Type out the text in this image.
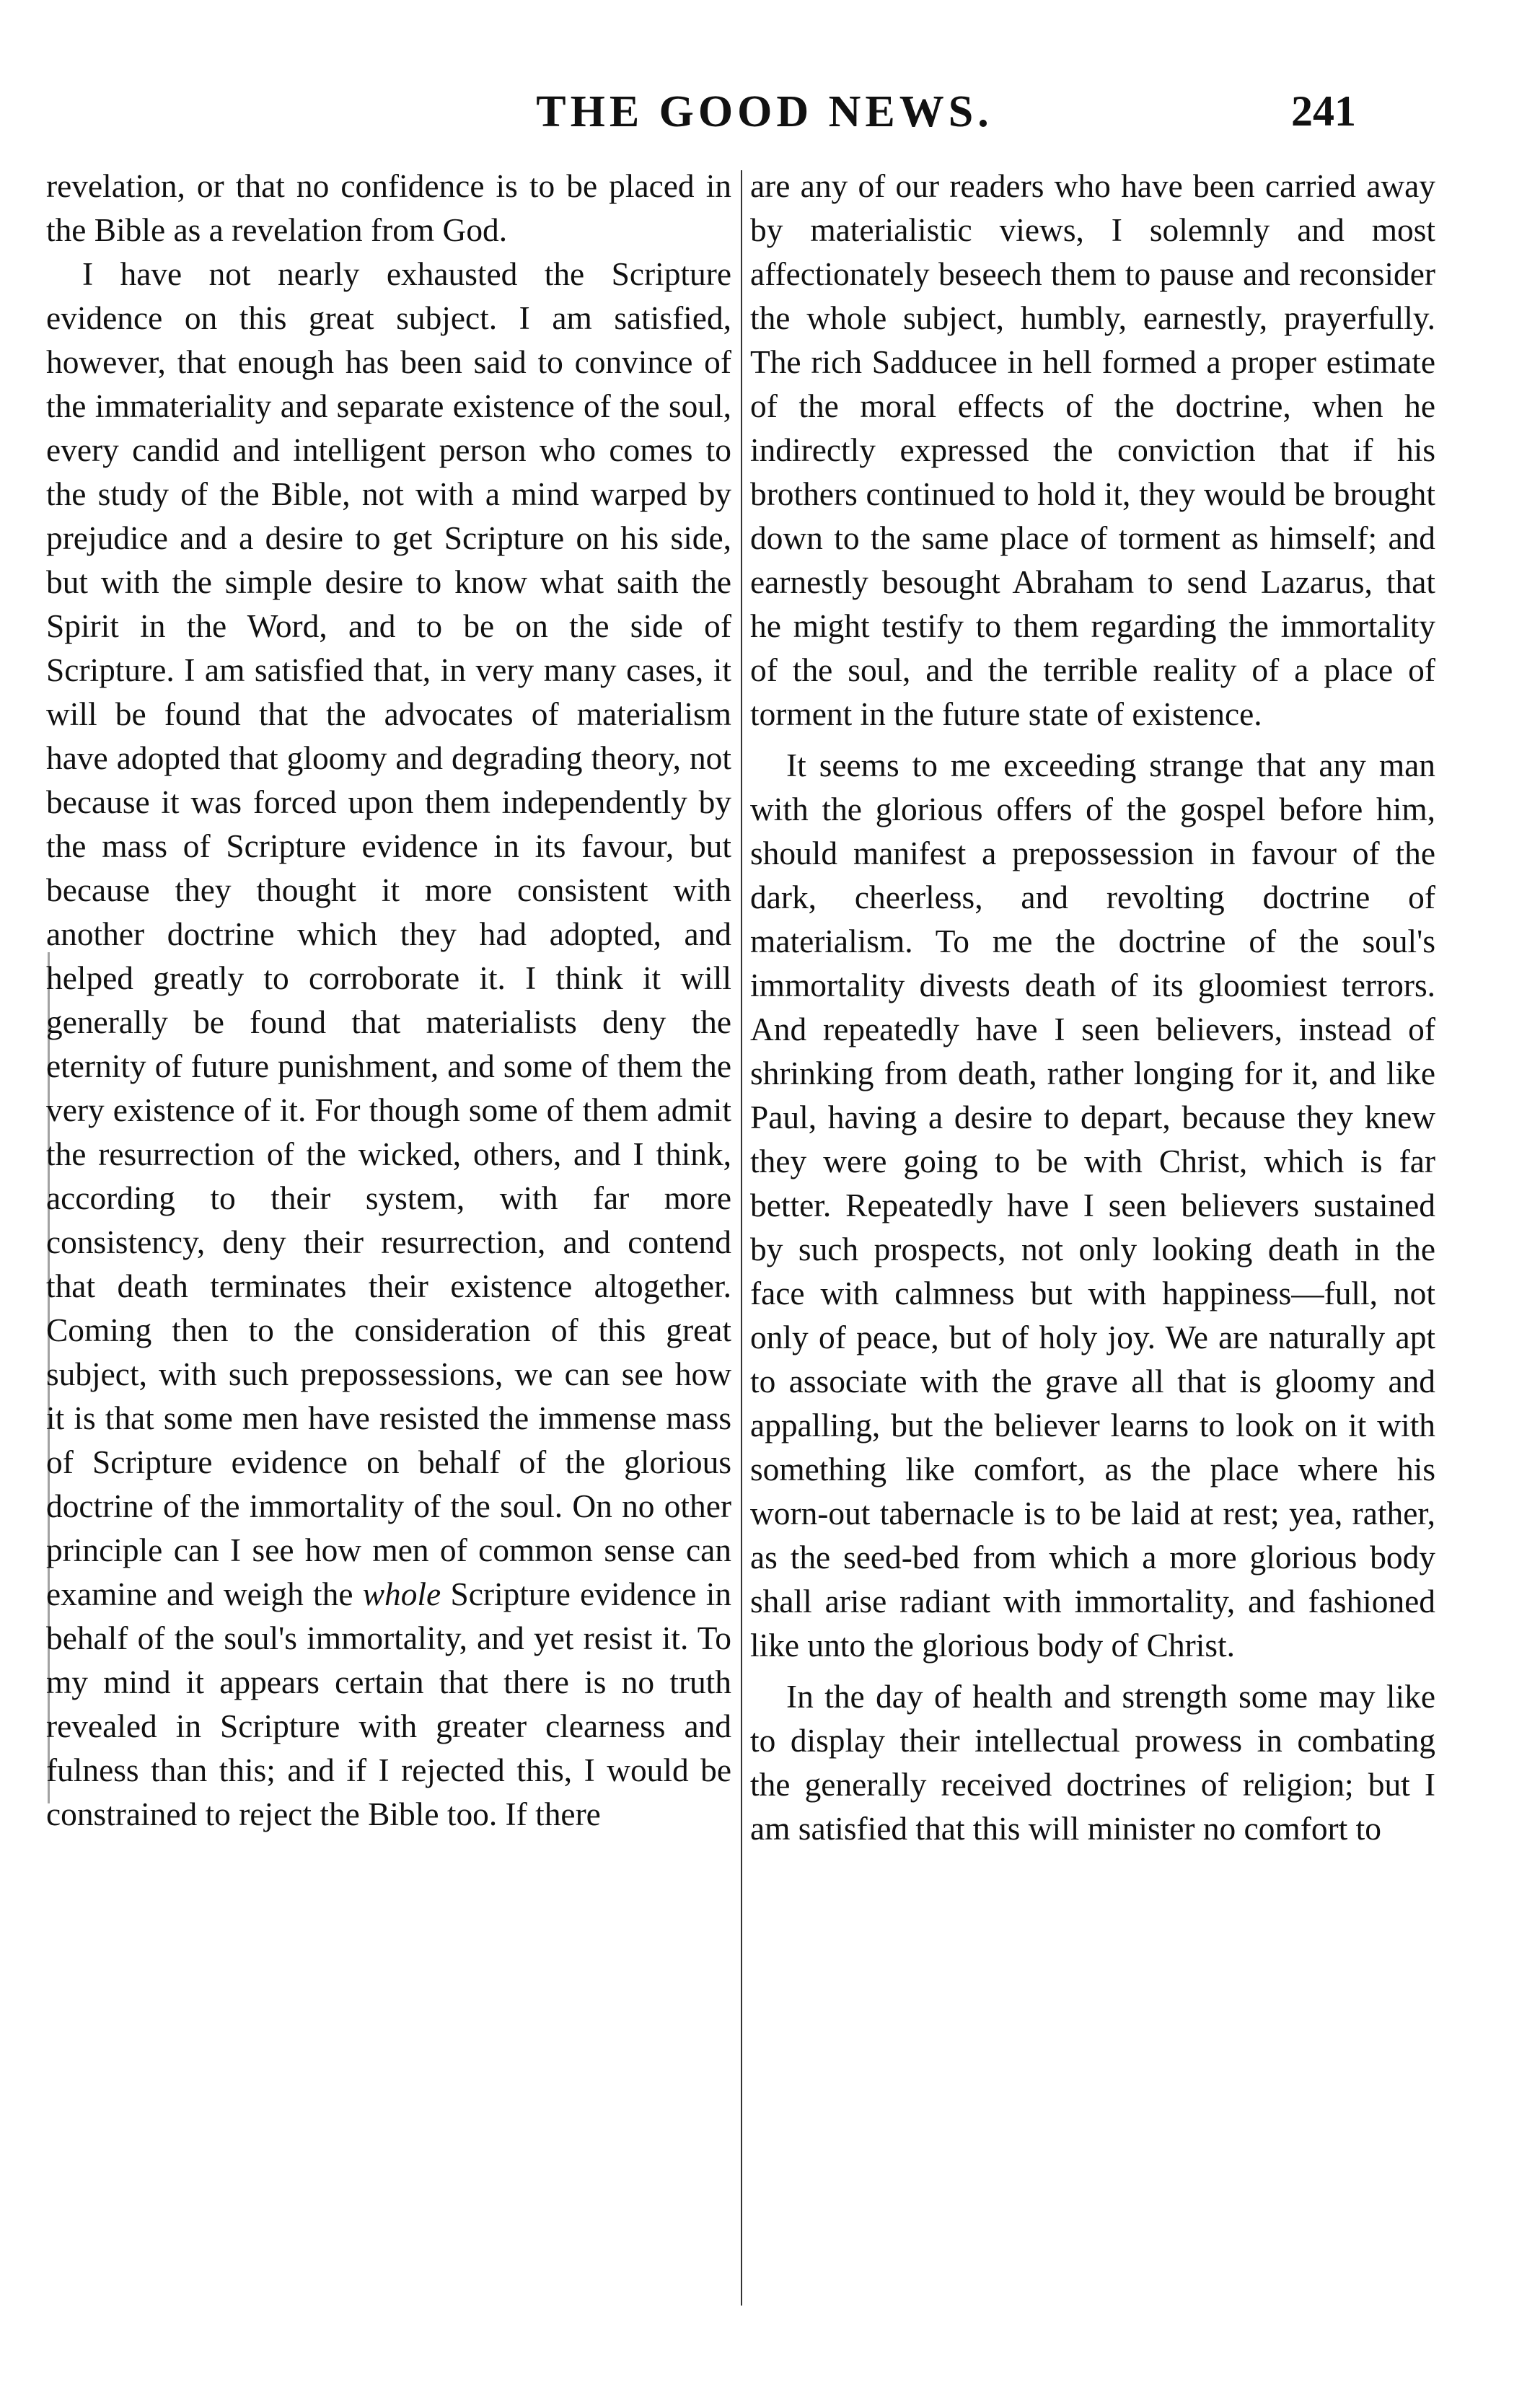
THE GOOD NEWS.	241

revelation, or that no confidence is to be placed in the Bible as a revelation from God.

I have not nearly exhausted the Scripture evidence on this great subject. I am satisfied, however, that enough has been said to convince of the immateriality and separate existence of the soul, every candid and intelligent person who comes to the study of the Bible, not with a mind warped by prejudice and a desire to get Scripture on his side, but with the simple desire to know what saith the Spirit in the Word, and to be on the side of Scripture. I am satisfied that, in very many cases, it will be found that the advocates of materialism have adopted that gloomy and degrading theory, not because it was forced upon them independently by the mass of Scripture evidence in its favour, but because they thought it more consistent with another doctrine which they had adopted, and helped greatly to corroborate it. I think it will generally be found that materialists deny the eternity of future punishment, and some of them the very existence of it. For though some of them admit the resurrection of the wicked, others, and I think, according to their system, with far more consistency, deny their resurrection, and contend that death terminates their existence altogether. Coming then to the consideration of this great subject, with such prepossessions, we can see how it is that some men have resisted the immense mass of Scripture evidence on behalf of the glorious doctrine of the immortality of the soul. On no other principle can I see how men of common sense can examine and weigh the whole Scripture evidence in behalf of the soul's immortality, and yet resist it. To my mind it appears certain that there is no truth revealed in Scripture with greater clearness and fulness than this; and if I rejected this, I would be constrained to reject the Bible too. If there

are any of our readers who have been carried away by materialistic views, I solemnly and most affectionately beseech them to pause and reconsider the whole subject, humbly, earnestly, prayerfully. The rich Sadducee in hell formed a proper estimate of the moral effects of the doctrine, when he indirectly expressed the conviction that if his brothers continued to hold it, they would be brought down to the same place of torment as himself; and earnestly besought Abraham to send Lazarus, that he might testify to them regarding the immortality of the soul, and the terrible reality of a place of torment in the future state of existence.

It seems to me exceeding strange that any man with the glorious offers of the gospel before him, should manifest a prepossession in favour of the dark, cheerless, and revolting doctrine of materialism. To me the doctrine of the soul's immortality divests death of its gloomiest terrors. And repeatedly have I seen believers, instead of shrinking from death, rather longing for it, and like Paul, having a desire to depart, because they knew they were going to be with Christ, which is far better. Repeatedly have I seen believers sustained by such prospects, not only looking death in the face with calmness but with happiness—full, not only of peace, but of holy joy. We are naturally apt to associate with the grave all that is gloomy and appalling, but the believer learns to look on it with something like comfort, as the place where his worn-out tabernacle is to be laid at rest; yea, rather, as the seed-bed from which a more glorious body shall arise radiant with immortality, and fashioned like unto the glorious body of Christ.

In the day of health and strength some may like to display their intellectual prowess in combating the generally received doctrines of religion; but I am satisfied that this will minister no comfort to
